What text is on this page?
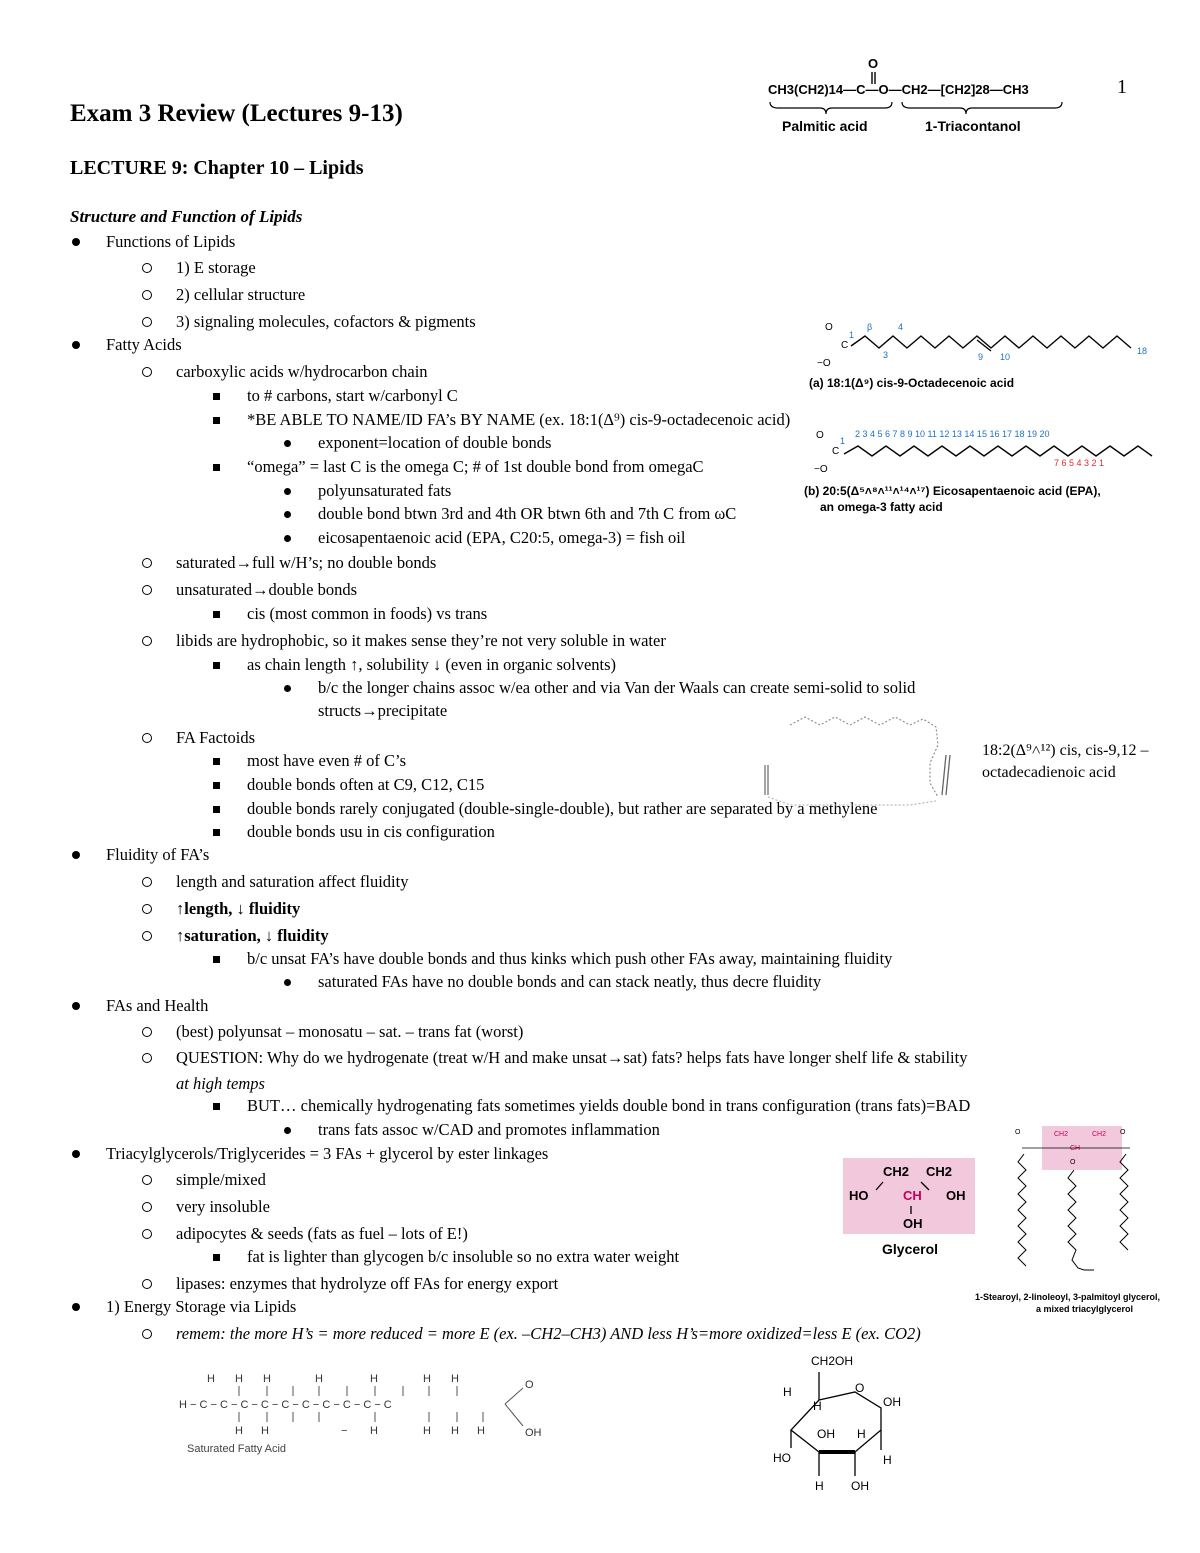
1
Exam 3 Review (Lectures 9-13)
LECTURE 9: Chapter 10 – Lipids
Structure and Function of Lipids
Functions of Lipids
1) E storage
2) cellular structure
3) signaling molecules, cofactors & pigments
Fatty Acids
carboxylic acids w/hydrocarbon chain
to # carbons, start w/carbonyl C
*BE ABLE TO NAME/ID FA’s BY NAME (ex. 18:1(Δ⁹) cis-9-octadecenoic acid)
exponent=location of double bonds
“omega” = last C is the omega C; # of 1st double bond from omegaC
polyunsaturated fats
double bond btwn 3rd and 4th OR btwn 6th and 7th C from ωC
eicosapentaenoic acid (EPA, C20:5, omega-3) = fish oil
saturated→full w/H’s; no double bonds
unsaturated→double bonds
cis (most common in foods) vs trans
libids are hydrophobic, so it makes sense they’re not very soluble in water
as chain length ↑, solubility ↓ (even in organic solvents)
b/c the longer chains assoc w/ea other and via Van der Waals can create semi-solid to solid
structs→precipitate
FA Factoids
most have even # of C’s
double bonds often at C9, C12, C15
double bonds rarely conjugated (double-single-double), but rather are separated by a methylene
double bonds usu in cis configuration
Fluidity of FA’s
length and saturation affect fluidity
↑length, ↓ fluidity
↑saturation, ↓ fluidity
b/c unsat FA’s have double bonds and thus kinks which push other FAs away, maintaining fluidity
saturated FAs have no double bonds and can stack neatly, thus decre fluidity
FAs and Health
(best) polyunsat – monosatu – sat. – trans fat (worst)
QUESTION: Why do we hydrogenate (treat w/H and make unsat→sat) fats? helps fats have longer shelf life & stability
at high temps
BUT… chemically hydrogenating fats sometimes yields double bond in trans configuration (trans fats)=BAD
trans fats assoc w/CAD and promotes inflammation
Triacylglycerols/Triglycerides = 3 FAs + glycerol by ester linkages
simple/mixed
very insoluble
adipocytes & seeds (fats as fuel – lots of E!)
fat is lighter than glycogen b/c insoluble so no extra water weight
lipases: enzymes that hydrolyze off FAs for energy export
1) Energy Storage via Lipids
remem: the more H’s = more reduced = more E (ex. –CH2–CH3) AND less H’s=more oxidized=less E (ex. CO2)
O
CH3(CH2)14—C—O—CH2—[CH2]28—CH3
Palmitic acid	1-Triacontanol
O
−O
C
1
β	4
3	9 10
18
(a) 18:1(Δ⁹) cis-9-Octadecenoic acid
O
−O
C
1
2 3 4 5 6 7 8 9 10 11 12 13 14 15 16 17 18 19 20
7 6 5 4 3 2 1
(b) 20:5(Δ⁵˄⁸˄¹¹˄¹⁴˄¹⁷) Eicosapentaenoic acid (EPA),
an omega-3 fatty acid
18:2(Δ⁹˄¹²) cis, cis-9,12 – octadecadienoic acid
CH2 CH2
HO	CH OH
OH
Glycerol
O	O
O
CH2	CH2
CH
1-Stearoyl, 2-linoleoyl, 3-palmitoyl glycerol,
a mixed triacylglycerol
H H H	H	H	H H
H − C − C − C − C − C − C − C − C − C − C
H
H	− H	H H H
O
OH
Saturated Fatty Acid
H
H	OH
OH H
HO	H
H OH
O
CH2OH
